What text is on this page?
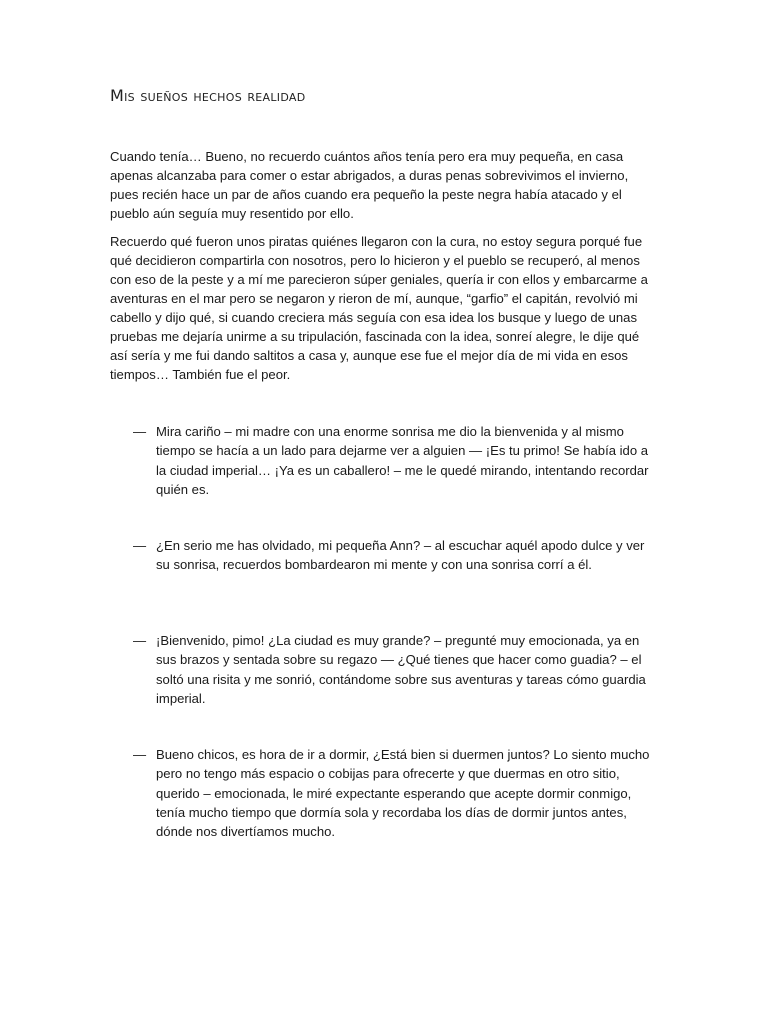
Mis sueños hechos realidad

Cuando tenía… Bueno, no recuerdo cuántos años tenía pero era muy pequeña, en casa apenas alcanzaba para comer o estar abrigados, a duras penas sobrevivimos el invierno, pues recién hace un par de años cuando era pequeño la peste negra había atacado y el pueblo aún seguía muy resentido por ello.

Recuerdo qué fueron unos piratas quiénes llegaron con la cura, no estoy segura porqué fue qué decidieron compartirla con nosotros, pero lo hicieron y el pueblo se recuperó, al menos con eso de la peste y a mí me parecieron súper geniales, quería ir con ellos y embarcarme a aventuras en el mar pero se negaron y rieron de mí, aunque, “garfio” el capitán, revolvió mi cabello y dijo qué, si cuando creciera más seguía con esa idea los busque y luego de unas pruebas me dejaría unirme a su tripulación, fascinada con la idea, sonreí alegre, le dije qué así sería y me fui dando saltitos a casa y, aunque ese fue el mejor día de mi vida en esos tiempos… También fue el peor.

— Mira cariño – mi madre con una enorme sonrisa me dio la bienvenida y al mismo tiempo se hacía a un lado para dejarme ver a alguien — ¡Es tu primo! Se había ido a la ciudad imperial… ¡Ya es un caballero! – me le quedé mirando, intentando recordar quién es.

— ¿En serio me has olvidado, mi pequeña Ann? – al escuchar aquél apodo dulce y ver su sonrisa, recuerdos bombardearon mi mente y con una sonrisa corrí a él.

— ¡Bienvenido, pimo! ¿La ciudad es muy grande? – pregunté muy emocionada, ya en sus brazos y sentada sobre su regazo — ¿Qué tienes que hacer como guadia? – el soltó una risita y me sonrió, contándome sobre sus aventuras y tareas cómo guardia imperial.

— Bueno chicos, es hora de ir a dormir, ¿Está bien si duermen juntos? Lo siento mucho pero no tengo más espacio o cobijas para ofrecerte y que duermas en otro sitio, querido – emocionada, le miré expectante esperando que acepte dormir conmigo, tenía mucho tiempo que dormía sola y recordaba los días de dormir juntos antes, dónde nos divertíamos mucho.
